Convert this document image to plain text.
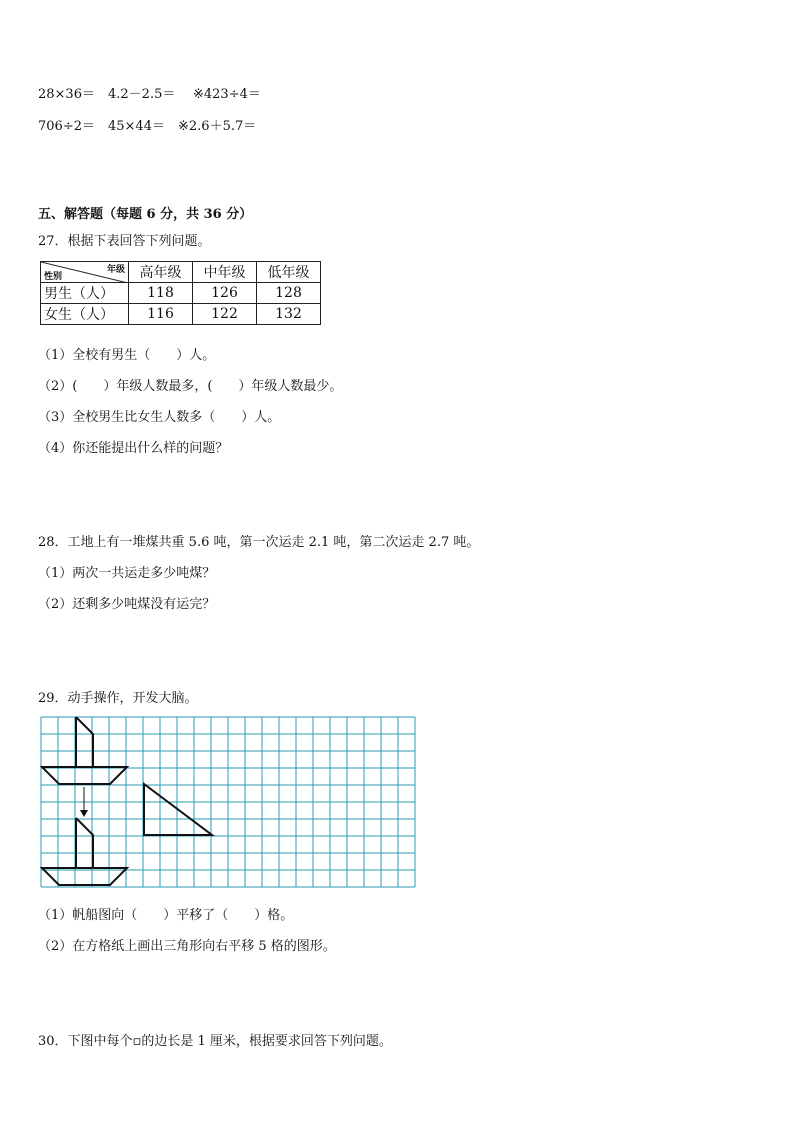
28×36＝ 4.2－2.5＝ ※423÷4＝
706÷2＝ 45×44＝ ※2.6＋5.7＝
五、解答题（每题 6 分，共 36 分）
27．根据下表回答下列问题。
年级
性别	高年级	中年级	低年级
男生（人）	118	126	128
女生（人）	116	122	132
（1）全校有男生（　　）人。
（2）(　　）年级人数最多，(　　）年级人数最少。
（3）全校男生比女生人数多（　　）人。
（4）你还能提出什么样的问题？
28．工地上有一堆煤共重 5.6 吨，第一次运走 2.1 吨，第二次运走 2.7 吨。
（1）两次一共运走多少吨煤？
（2）还剩多少吨煤没有运完？
29．动手操作，开发大脑。
（1）帆船图向（　　）平移了（　　）格。
（2）在方格纸上画出三角形向右平移 5 格的图形。
30．下图中每个▫的边长是 1 厘米，根据要求回答下列问题。
